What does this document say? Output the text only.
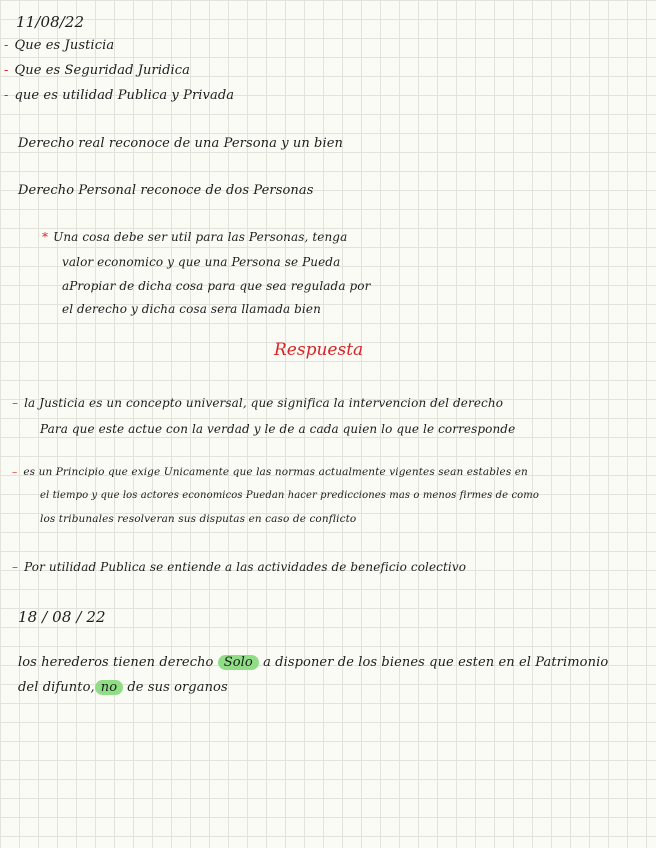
11/08/22
- Que es Justicia
- Que es Seguridad Juridica
- que es utilidad Publica y Privada
Derecho real reconoce de una Persona y un bien
Derecho Personal reconoce de dos Personas
* Una cosa debe ser util para las Personas, tenga
valor economico y que una Persona se Pueda
aPropiar de dicha cosa para que sea regulada por
el derecho y dicha cosa sera llamada bien
Respuesta
– la Justicia es un concepto universal, que significa la intervencion del derecho
Para que este actue con la verdad y le de a cada quien lo que le corresponde
– es un Principio que exige Unicamente que las normas actualmente vigentes sean estables en
el tiempo y que los actores economicos Puedan hacer predicciones mas o menos firmes de como
los tribunales resolveran sus disputas en caso de conflicto
– Por utilidad Publica se entiende a las actividades de beneficio colectivo
18 / 08 / 22
los herederos tienen derecho Solo a disponer de los bienes que esten en el Patrimonio
del difunto, no de sus organos
